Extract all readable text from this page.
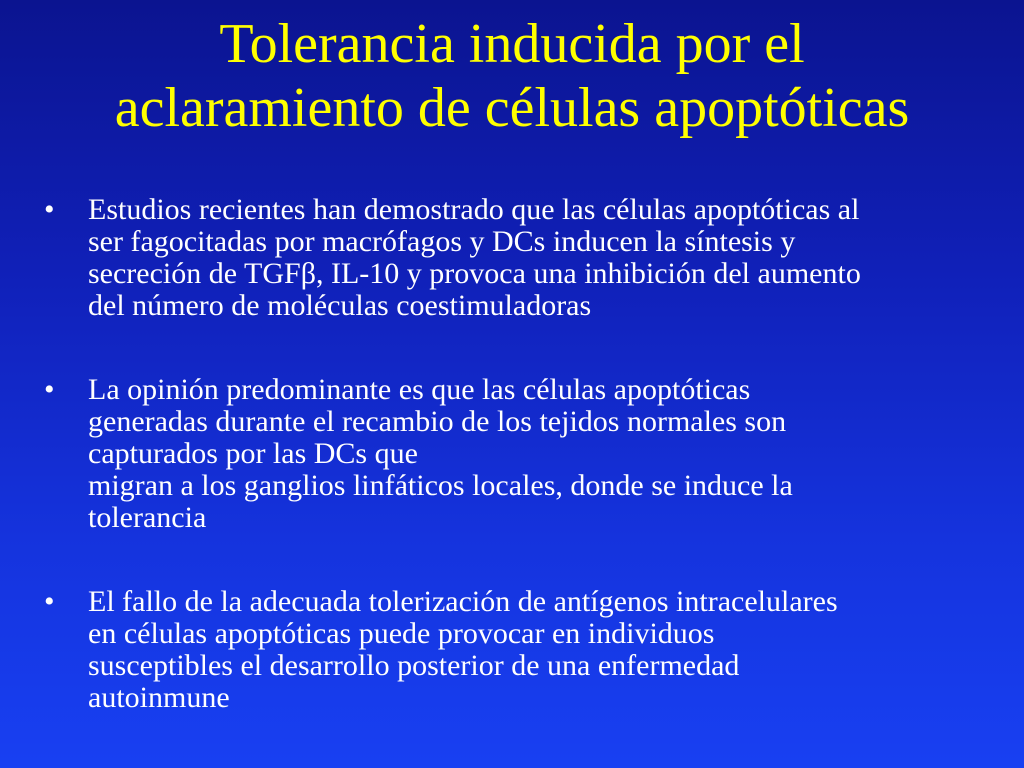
Tolerancia inducida por el
aclaramiento de células apoptóticas
•	Estudios recientes han demostrado que las células apoptóticas al
ser fagocitadas por macrófagos y DCs inducen la síntesis y
secreción de TGFβ, IL-10 y provoca una inhibición del aumento
del número de moléculas coestimuladoras
•	La opinión predominante es que las células apoptóticas
generadas durante el recambio de los tejidos normales son
capturados por las DCs que
migran a los ganglios linfáticos locales, donde se induce la
tolerancia
•	El fallo de la adecuada tolerización de antígenos intracelulares
en células apoptóticas puede provocar en individuos
susceptibles el desarrollo posterior de una enfermedad
autoinmune
